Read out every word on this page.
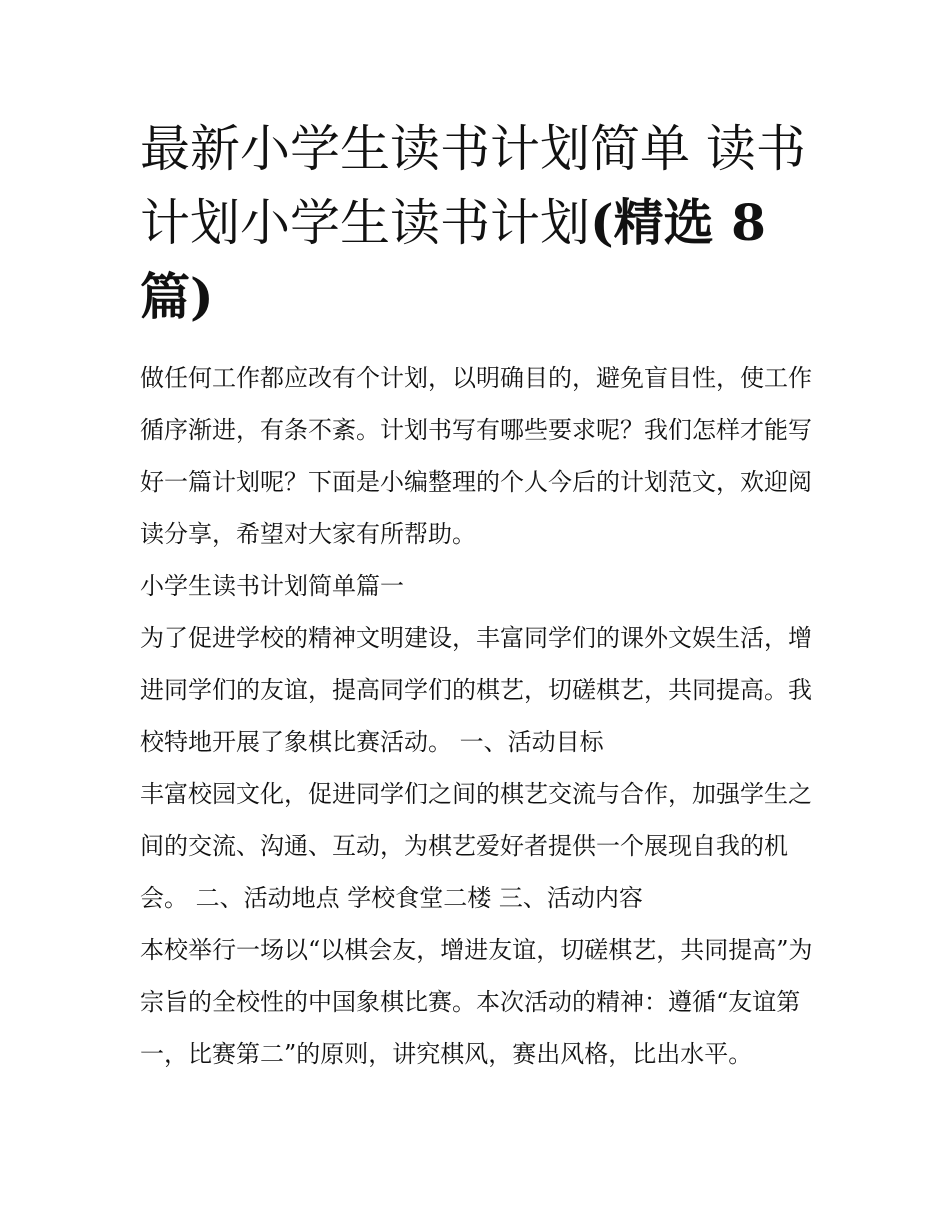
最新小学生读书计划简单 读书计划小学生读书计划(精选 8 篇)

做任何工作都应改有个计划，以明确目的，避免盲目性，使工作循序渐进，有条不紊。计划书写有哪些要求呢？我们怎样才能写好一篇计划呢？下面是小编整理的个人今后的计划范文，欢迎阅读分享，希望对大家有所帮助。

小学生读书计划简单篇一

为了促进学校的精神文明建设，丰富同学们的课外文娱生活，增进同学们的友谊，提高同学们的棋艺，切磋棋艺，共同提高。我校特地开展了象棋比赛活动。 一、活动目标

丰富校园文化，促进同学们之间的棋艺交流与合作，加强学生之间的交流、沟通、互动，为棋艺爱好者提供一个展现自我的机会。 二、活动地点 学校食堂二楼 三、活动内容

本校举行一场以“以棋会友，增进友谊，切磋棋艺，共同提高”为宗旨的全校性的中国象棋比赛。本次活动的精神：遵循“友谊第一，比赛第二”的原则，讲究棋风，赛出风格，比出水平。
